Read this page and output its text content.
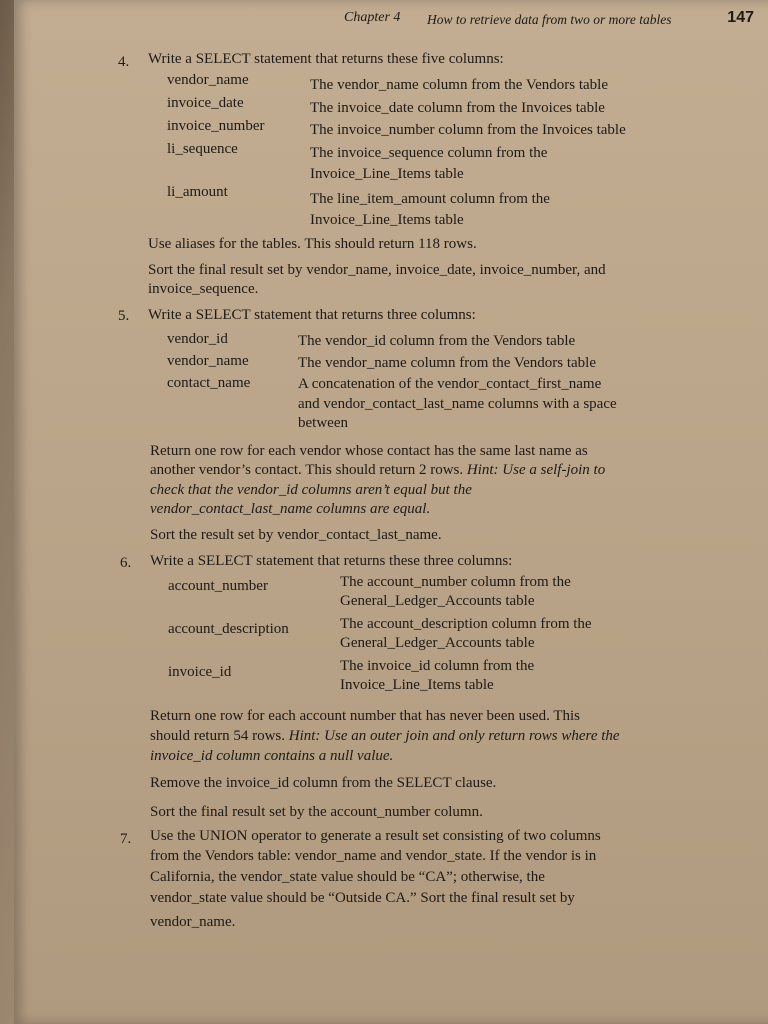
Chapter 4 How to retrieve data from two or more tables	147
4. Write a SELECT statement that returns these five columns:
vendor_name	The vendor_name column from the Vendors table
invoice_date	The invoice_date column from the Invoices table
invoice_number	The invoice_number column from the Invoices table
li_sequence	The invoice_sequence column from the
Invoice_Line_Items table
li_amount	The line_item_amount column from the
Invoice_Line_Items table
Use aliases for the tables. This should return 118 rows.
Sort the final result set by vendor_name, invoice_date, invoice_number, and
invoice_sequence.
5. Write a SELECT statement that returns three columns:
vendor_id	The vendor_id column from the Vendors table
vendor_name	The vendor_name column from the Vendors table
contact_name	A concatenation of the vendor_contact_first_name
and vendor_contact_last_name columns with a space
between
Return one row for each vendor whose contact has the same last name as
another vendor’s contact. This should return 2 rows. Hint: Use a self-join to
check that the vendor_id columns aren’t equal but the
vendor_contact_last_name columns are equal.
Sort the result set by vendor_contact_last_name.
6. Write a SELECT statement that returns these three columns:
account_number	The account_number column from the
General_Ledger_Accounts table
account_description	The account_description column from the
General_Ledger_Accounts table
invoice_id	The invoice_id column from the
Invoice_Line_Items table
Return one row for each account number that has never been used. This
should return 54 rows. Hint: Use an outer join and only return rows where the
invoice_id column contains a null value.
Remove the invoice_id column from the SELECT clause.
Sort the final result set by the account_number column.
7. Use the UNION operator to generate a result set consisting of two columns
from the Vendors table: vendor_name and vendor_state. If the vendor is in
California, the vendor_state value should be “CA”; otherwise, the
vendor_state value should be “Outside CA.” Sort the final result set by
vendor_name.
